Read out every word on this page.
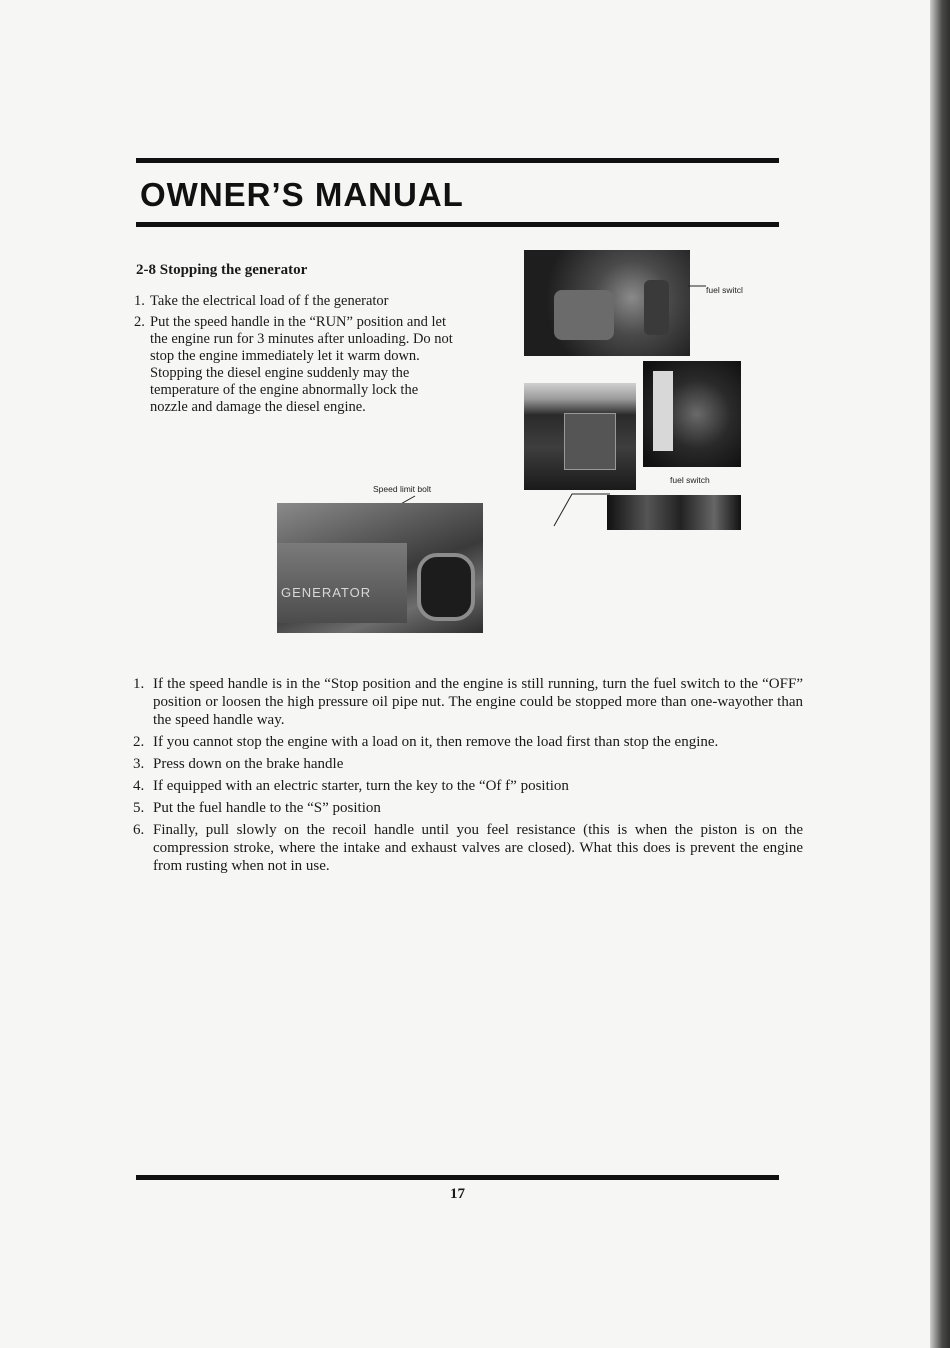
OWNER’S MANUAL
2-8 Stopping the generator
1. Take the electrical load of f the generator
2. Put the speed handle in the “RUN” position and let the engine run for 3 minutes after unloading. Do not stop the engine immediately let it warm down. Stopping the diesel engine suddenly may the temperature of the engine abnormally lock the nozzle and damage the diesel engine.
Speed limit bolt
GENERATOR
fuel switcl
fuel switch
1. If the speed handle is in the “Stop position and the engine is still running, turn the fuel switch to the “OFF” position or loosen the high pressure oil pipe nut. The engine could be stopped more than one-wayother than the speed handle way.
2. If you cannot stop the engine with a load on it, then remove the load first than stop the engine.
3. Press down on the brake handle
4. If equipped with an electric starter, turn the key to the “Of f” position
5. Put the fuel handle to the “S” position
6. Finally, pull slowly on the recoil handle until you feel resistance (this is when the piston is on the compression stroke, where the intake and exhaust valves are closed). What this does is prevent the engine from rusting when not in use.
17
